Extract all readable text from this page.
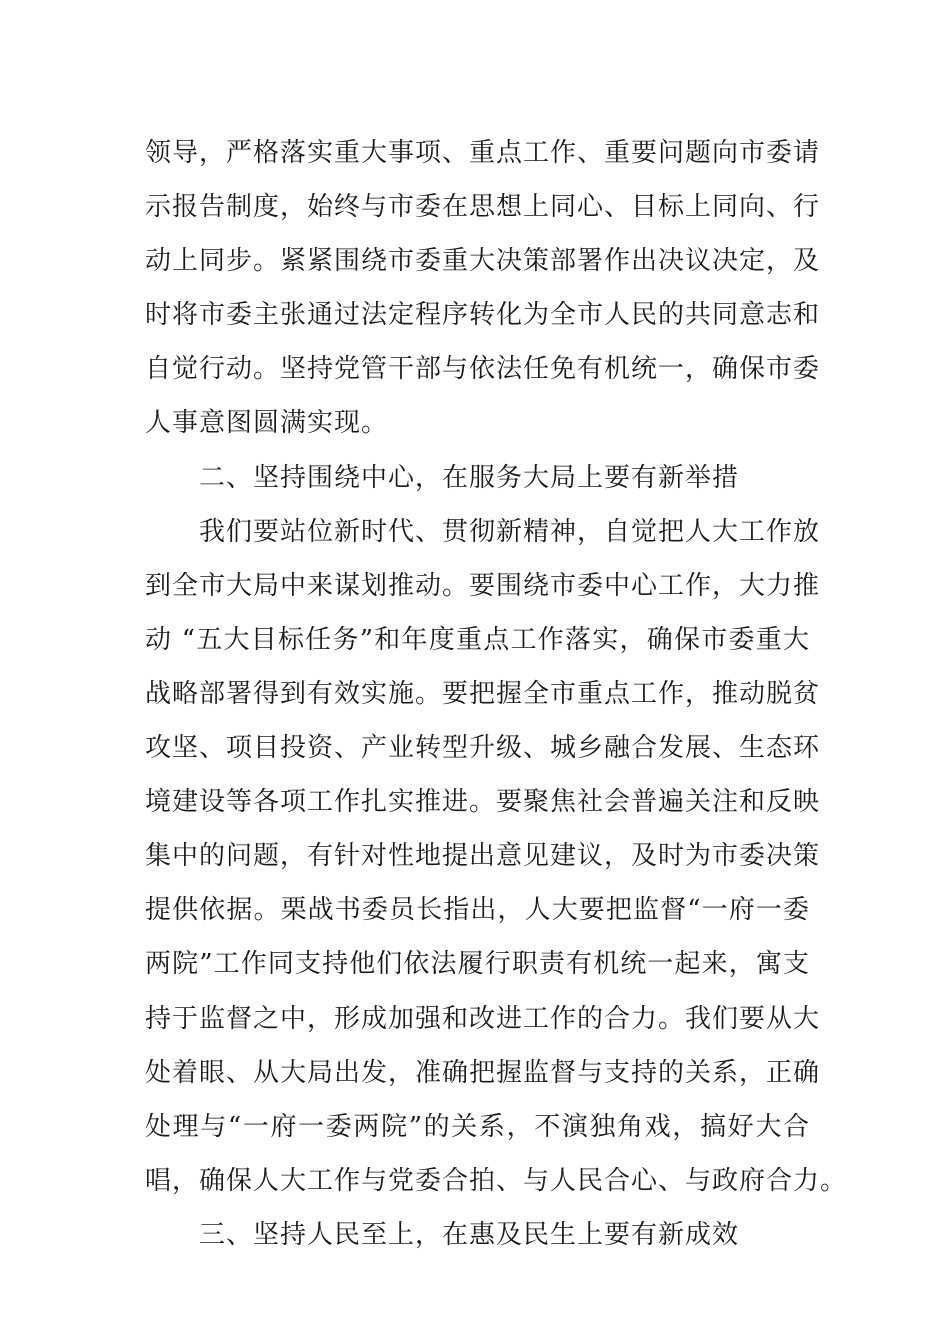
领导，严格落实重大事项、重点工作、重要问题向市委请
示报告制度，始终与市委在思想上同心、目标上同向、行
动上同步。紧紧围绕市委重大决策部署作出决议决定，及
时将市委主张通过法定程序转化为全市人民的共同意志和
自觉行动。坚持党管干部与依法任免有机统一，确保市委
人事意图圆满实现。
二、坚持围绕中心，在服务大局上要有新举措
我们要站位新时代、贯彻新精神，自觉把人大工作放
到全市大局中来谋划推动。要围绕市委中心工作，大力推
动 “五大目标任务”和年度重点工作落实，确保市委重大
战略部署得到有效实施。要把握全市重点工作，推动脱贫
攻坚、项目投资、产业转型升级、城乡融合发展、生态环
境建设等各项工作扎实推进。要聚焦社会普遍关注和反映
集中的问题，有针对性地提出意见建议，及时为市委决策
提供依据。栗战书委员长指出，人大要把监督“一府一委
两院”工作同支持他们依法履行职责有机统一起来，寓支
持于监督之中，形成加强和改进工作的合力。我们要从大
处着眼、从大局出发，准确把握监督与支持的关系，正确
处理与“一府一委两院”的关系，不演独角戏，搞好大合
唱，确保人大工作与党委合拍、与人民合心、与政府合力。
三、坚持人民至上，在惠及民生上要有新成效
